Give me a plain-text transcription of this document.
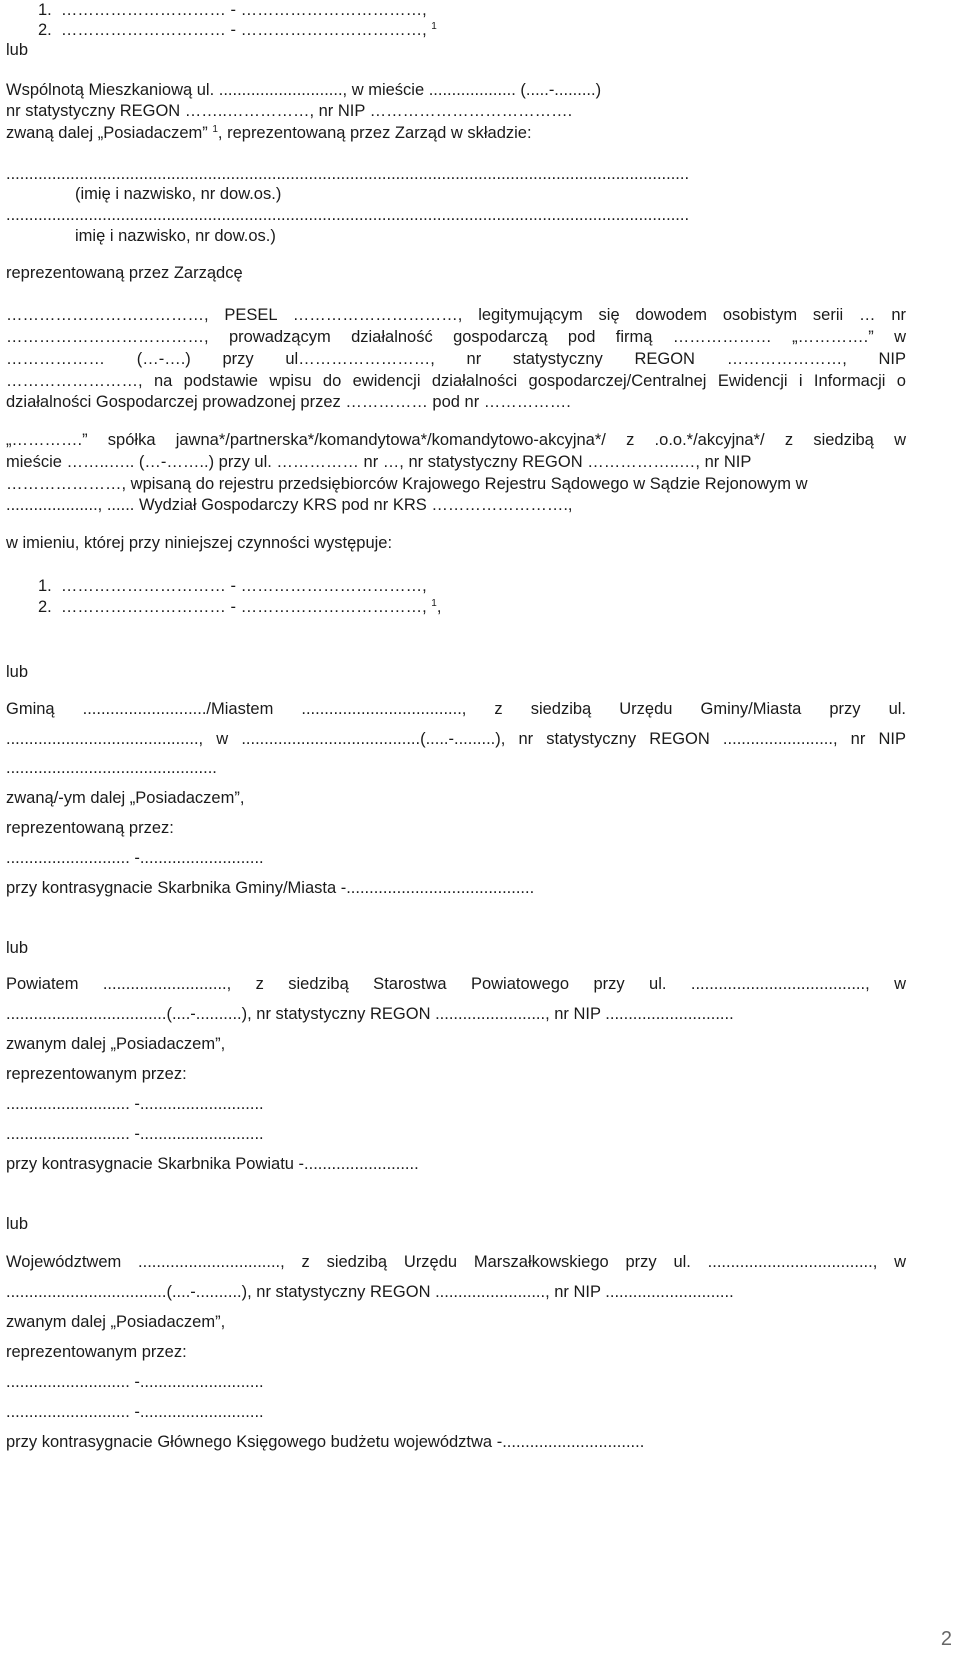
1.  ………………………… - ……………………………,
2.  ………………………… - ……………………………, $^1$
lub
Wspólnotą Mieszkaniową ul. ..........................., w mieście ................... (.....-.........)
nr statystyczny REGON ……..……………, nr NIP ……………………………….
zwaną dalej „Posiadaczem” $^1$, reprezentowaną przez Zarząd w składzie:
.....................................................................................................................................................
(imię i nazwisko, nr dow.os.)
.....................................................................................................................................................
imię i nazwisko, nr dow.os.)
reprezentowaną przez Zarządcę
………………………………, PESEL …………………………, legitymującym się dowodem osobistym serii … nr
………………………………, prowadzącym działalność gospodarczą pod firmą ……………… „………….” w
……………… (…-….) przy ul……………………, nr statystyczny REGON …………………, NIP
……………………, na podstawie wpisu do ewidencji działalności gospodarczej/Centralnej Ewidencji i Informacji o
działalności Gospodarczej prowadzonej przez …………… pod nr …………….
„………….” spółka jawna*/partnerska*/komandytowa*/komandytowo-akcyjna*/ z .o.o.*/akcyjna*/ z siedzibą w
mieście ……..….. (…-……..) przy ul. …………… nr …, nr statystyczny REGON ……………..…, nr NIP
…………………, wpisaną do rejestru przedsiębiorców Krajowego Rejestru Sądowego w Sądzie Rejonowym w
...................., ...... Wydział Gospodarczy KRS pod nr KRS …………………….,
w imieniu, której przy niniejszej czynności występuje:
1.  ………………………… - ……………………………,
2.  ………………………… - ……………………………, $^1$,
lub
Gminą .........................../Miastem ..................................., z siedzibą Urzędu Gminy/Miasta przy ul.
.........................................., w .......................................(.....-.........), nr statystyczny REGON ........................, nr NIP
..............................................
zwaną/-ym dalej „Posiadaczem”,
reprezentowaną przez:
........................... -...........................
przy kontrasygnacie Skarbnika Gminy/Miasta -.........................................
lub
Powiatem ..........................., z siedzibą Starostwa Powiatowego przy ul. ......................................, w
...................................(....-..........), nr statystyczny REGON ........................, nr NIP ............................
zwanym dalej „Posiadaczem”,
reprezentowanym przez:
........................... -...........................
........................... -...........................
przy kontrasygnacie Skarbnika Powiatu -.........................
lub
Województwem ..............................., z siedzibą Urzędu Marszałkowskiego przy ul. ...................................., w
...................................(....-..........), nr statystyczny REGON ........................, nr NIP ............................
zwanym dalej „Posiadaczem”,
reprezentowanym przez:
........................... -...........................
........................... -...........................
przy kontrasygnacie Głównego Księgowego budżetu województwa -...............................
2
